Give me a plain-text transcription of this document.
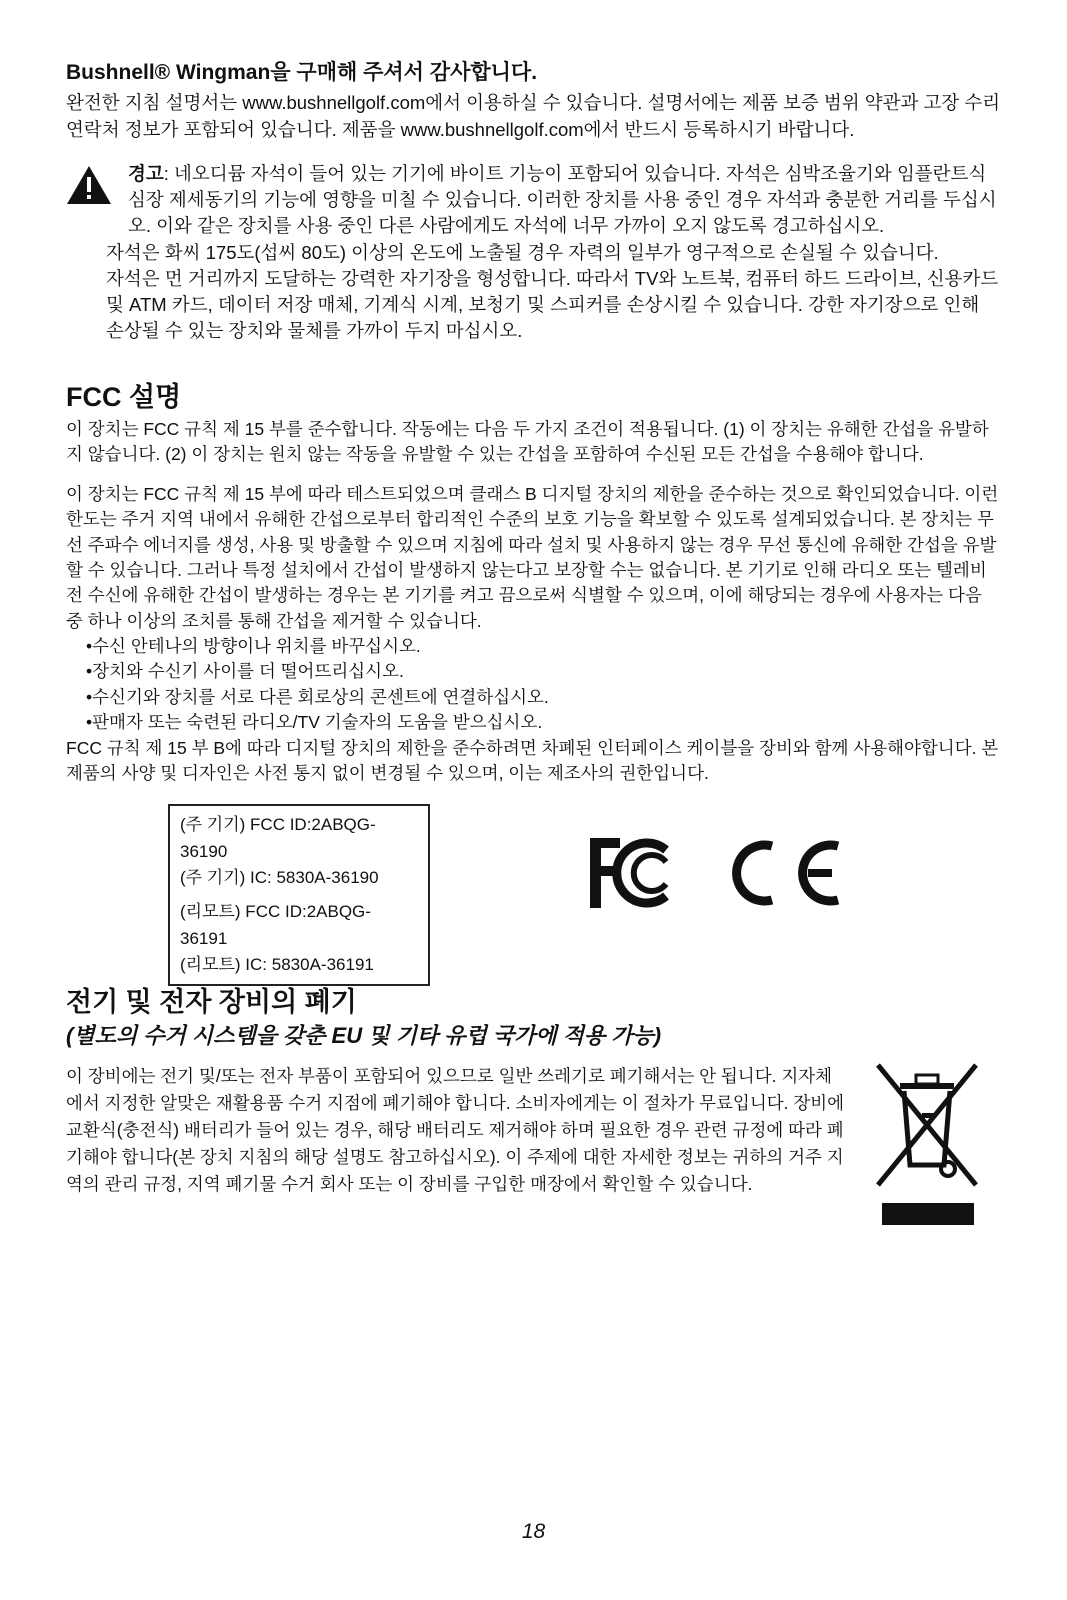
Bushnell® Wingman을 구매해 주셔서 감사합니다.

완전한 지침 설명서는 www.bushnellgolf.com에서 이용하실 수 있습니다. 설명서에는 제품 보증 범위 약관과 고장 수리 연락처 정보가 포함되어 있습니다. 제품을 www.bushnellgolf.com에서 반드시 등록하시기 바랍니다.

경고: 네오디뮴 자석이 들어 있는 기기에 바이트 기능이 포함되어 있습니다. 자석은 심박조율기와 임플란트식 심장 제세동기의 기능에 영향을 미칠 수 있습니다. 이러한 장치를 사용 중인 경우 자석과 충분한 거리를 두십시오. 이와 같은 장치를 사용 중인 다른 사람에게도 자석에 너무 가까이 오지 않도록 경고하십시오.

자석은 화씨 175도(섭씨 80도) 이상의 온도에 노출될 경우 자력의 일부가 영구적으로 손실될 수 있습니다.

자석은 먼 거리까지 도달하는 강력한 자기장을 형성합니다. 따라서 TV와 노트북, 컴퓨터 하드 드라이브, 신용카드 및 ATM 카드, 데이터 저장 매체, 기계식 시계, 보청기 및 스피커를 손상시킬 수 있습니다. 강한 자기장으로 인해 손상될 수 있는 장치와 물체를 가까이 두지 마십시오.

FCC 설명

이 장치는 FCC 규칙 제 15 부를 준수합니다. 작동에는 다음 두 가지 조건이 적용됩니다. (1) 이 장치는 유해한 간섭을 유발하지 않습니다. (2) 이 장치는 원치 않는 작동을 유발할 수 있는 간섭을 포함하여 수신된 모든 간섭을 수용해야 합니다.

이 장치는 FCC 규칙 제 15 부에 따라 테스트되었으며 클래스 B 디지털 장치의 제한을 준수하는 것으로 확인되었습니다. 이런 한도는 주거 지역 내에서 유해한 간섭으로부터 합리적인 수준의 보호 기능을 확보할 수 있도록 설계되었습니다. 본 장치는 무선 주파수 에너지를 생성, 사용 및 방출할 수 있으며 지침에 따라 설치 및 사용하지 않는 경우 무선 통신에 유해한 간섭을 유발할 수 있습니다. 그러나 특정 설치에서 간섭이 발생하지 않는다고 보장할 수는 없습니다. 본 기기로 인해 라디오 또는 텔레비전 수신에 유해한 간섭이 발생하는 경우는 본 기기를 켜고 끔으로써 식별할 수 있으며, 이에 해당되는 경우에 사용자는 다음 중 하나 이상의 조치를 통해 간섭을 제거할 수 있습니다.

• 수신 안테나의 방향이나 위치를 바꾸십시오.
• 장치와 수신기 사이를 더 떨어뜨리십시오.
• 수신기와 장치를 서로 다른 회로상의 콘센트에 연결하십시오.
• 판매자 또는 숙련된 라디오/TV 기술자의 도움을 받으십시오.

FCC 규칙 제 15 부 B에 따라 디지털 장치의 제한을 준수하려면 차폐된 인터페이스 케이블을 장비와 함께 사용해야합니다. 본 제품의 사양 및 디자인은 사전 통지 없이 변경될 수 있으며, 이는 제조사의 권한입니다.

(주 기기) FCC ID:2ABQG-36190
(주 기기) IC: 5830A-36190
(리모트) FCC ID:2ABQG-36191
(리모트) IC: 5830A-36191
전기 및 전자 장비의 폐기
(별도의 수거 시스템을 갖춘 EU 및 기타 유럽 국가에 적용 가능)

이 장비에는 전기 및/또는 전자 부품이 포함되어 있으므로 일반 쓰레기로 폐기해서는 안 됩니다. 지자체에서 지정한 알맞은 재활용품 수거 지점에 폐기해야 합니다. 소비자에게는 이 절차가 무료입니다. 장비에 교환식(충전식) 배터리가 들어 있는 경우, 해당 배터리도 제거해야 하며 필요한 경우 관련 규정에 따라 폐기해야 합니다(본 장치 지침의 해당 설명도 참고하십시오). 이 주제에 대한 자세한 정보는 귀하의 거주 지역의 관리 규정, 지역 폐기물 수거 회사 또는 이 장비를 구입한 매장에서 확인할 수 있습니다.

18
